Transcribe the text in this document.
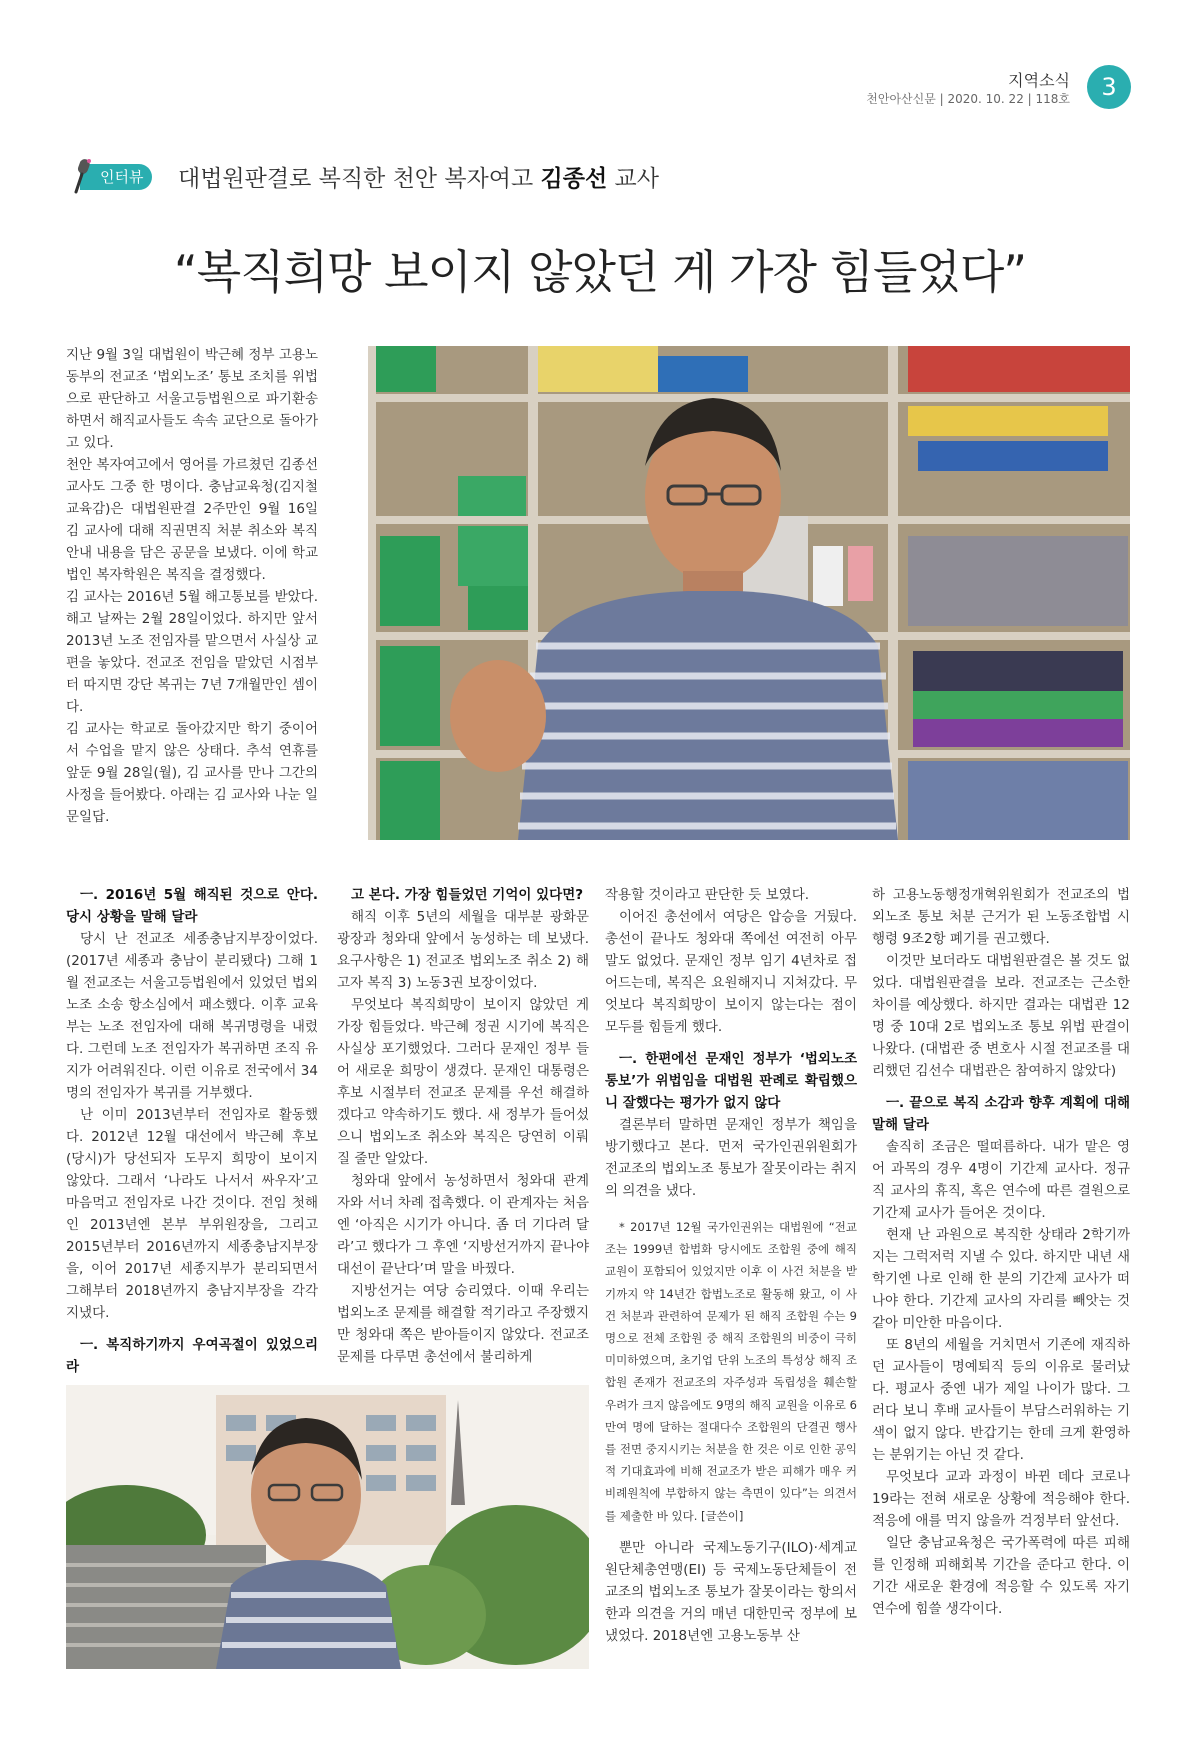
지역소식
천안아산신문 | 2020. 10. 22 | 118호	3
인터뷰	대법원판결로 복직한 천안 복자여고 김종선 교사
“복직희망 보이지 않았던 게 가장 힘들었다”

지난 9월 3일 대법원이 박근혜 정부 고용노동부의 전교조 ‘법외노조’ 통보 조치를 위법으로 판단하고 서울고등법원으로 파기환송 하면서 해직교사들도 속속 교단으로 돌아가고 있다.

천안 복자여고에서 영어를 가르쳤던 김종선 교사도 그중 한 명이다. 충남교육청(김지철 교육감)은 대법원판결 2주만인 9월 16일 김 교사에 대해 직권면직 처분 취소와 복직 안내 내용을 담은 공문을 보냈다. 이에 학교법인 복자학원은 복직을 결정했다.

김 교사는 2016년 5월 해고통보를 받았다. 해고 날짜는 2월 28일이었다. 하지만 앞서 2013년 노조 전임자를 맡으면서 사실상 교편을 놓았다. 전교조 전임을 맡았던 시점부터 따지면 강단 복귀는 7년 7개월만인 셈이다.

김 교사는 학교로 돌아갔지만 학기 중이어서 수업을 맡지 않은 상태다. 추석 연휴를 앞둔 9월 28일(월), 김 교사를 만나 그간의 사정을 들어봤다. 아래는 김 교사와 나눈 일문일답.

ㅡ. 2016년 5월 해직된 것으로 안다. 당시 상황을 말해 달라

당시 난 전교조 세종충남지부장이었다. (2017년 세종과 충남이 분리됐다) 그해 1월 전교조는 서울고등법원에서 있었던 법외노조 소송 항소심에서 패소했다. 이후 교육부는 노조 전임자에 대해 복귀명령을 내렸다. 그런데 노조 전임자가 복귀하면 조직 유지가 어려워진다. 이런 이유로 전국에서 34명의 전임자가 복귀를 거부했다.

난 이미 2013년부터 전임자로 활동했다. 2012년 12월 대선에서 박근혜 후보(당시)가 당선되자 도무지 희망이 보이지 않았다. 그래서 ‘나라도 나서서 싸우자’고 마음먹고 전임자로 나간 것이다. 전임 첫해인 2013년엔 본부 부위원장을, 그리고 2015년부터 2016년까지 세종충남지부장을, 이어 2017년 세종지부가 분리되면서 그해부터 2018년까지 충남지부장을 각각 지냈다.

ㅡ. 복직하기까지 우여곡절이 있었으리라

고 본다. 가장 힘들었던 기억이 있다면?

해직 이후 5년의 세월을 대부분 광화문 광장과 청와대 앞에서 농성하는 데 보냈다. 요구사항은 1) 전교조 법외노조 취소 2) 해고자 복직 3) 노동3권 보장이었다.

무엇보다 복직희망이 보이지 않았던 게 가장 힘들었다. 박근혜 정권 시기에 복직은 사실상 포기했었다. 그러다 문재인 정부 들어 새로운 희망이 생겼다. 문재인 대통령은 후보 시절부터 전교조 문제를 우선 해결하겠다고 약속하기도 했다. 새 정부가 들어섰으니 법외노조 취소와 복직은 당연히 이뤄질 줄만 알았다.

청와대 앞에서 농성하면서 청와대 관계자와 서너 차례 접촉했다. 이 관계자는 처음엔 ‘아직은 시기가 아니다. 좀 더 기다려 달라’고 했다가 그 후엔 ‘지방선거까지 끝나야 대선이 끝난다’며 말을 바꿨다.

지방선거는 여당 승리였다. 이때 우리는 법외노조 문제를 해결할 적기라고 주장했지만 청와대 쪽은 받아들이지 않았다. 전교조 문제를 다루면 총선에서 불리하게

작용할 것이라고 판단한 듯 보였다.

이어진 총선에서 여당은 압승을 거뒀다. 총선이 끝나도 청와대 쪽에선 여전히 아무 말도 없었다. 문재인 정부 임기 4년차로 접어드는데, 복직은 요원해지니 지쳐갔다. 무엇보다 복직희망이 보이지 않는다는 점이 모두를 힘들게 했다.

ㅡ. 한편에선 문재인 정부가 ‘법외노조 통보’가 위법임을 대법원 판례로 확립했으니 잘했다는 평가가 없지 않다

결론부터 말하면 문재인 정부가 책임을 방기했다고 본다. 먼저 국가인권위원회가 전교조의 법외노조 통보가 잘못이라는 취지의 의견을 냈다.

* 2017년 12월 국가인권위는 대법원에 “전교조는 1999년 합법화 당시에도 조합원 중에 해직 교원이 포함되어 있었지만 이후 이 사건 처분을 받기까지 약 14년간 합법노조로 활동해 왔고, 이 사건 처분과 관련하여 문제가 된 해직 조합원 수는 9명으로 전체 조합원 중 해직 조합원의 비중이 극히 미미하였으며, 초기업 단위 노조의 특성상 해직 조합원 존재가 전교조의 자주성과 독립성을 훼손할 우려가 크지 않음에도 9명의 해직 교원을 이유로 6만여 명에 달하는 절대다수 조합원의 단결권 행사를 전면 중지시키는 처분을 한 것은 이로 인한 공익적 기대효과에 비해 전교조가 받은 피해가 매우 커 비례원칙에 부합하지 않는 측면이 있다”는 의견서를 제출한 바 있다. [글쓴이]

뿐만 아니라 국제노동기구(ILO)·세계교원단체총연맹(EI) 등 국제노동단체들이 전교조의 법외노조 통보가 잘못이라는 항의서한과 의견을 거의 매년 대한민국 정부에 보냈었다. 2018년엔 고용노동부 산

하 고용노동행정개혁위원회가 전교조의 법외노조 통보 처분 근거가 된 노동조합법 시행령 9조2항 폐기를 권고했다.

이것만 보더라도 대법원판결은 볼 것도 없었다. 대법원판결을 보라. 전교조는 근소한 차이를 예상했다. 하지만 결과는 대법관 12명 중 10대 2로 법외노조 통보 위법 판결이 나왔다. (대법관 중 변호사 시절 전교조를 대리했던 김선수 대법관은 참여하지 않았다)

ㅡ. 끝으로 복직 소감과 향후 계획에 대해 말해 달라

솔직히 조금은 떨떠름하다. 내가 맡은 영어 과목의 경우 4명이 기간제 교사다. 정규직 교사의 휴직, 혹은 연수에 따른 결원으로 기간제 교사가 들어온 것이다.

현재 난 과원으로 복직한 상태라 2학기까지는 그럭저럭 지낼 수 있다. 하지만 내년 새 학기엔 나로 인해 한 분의 기간제 교사가 떠나야 한다. 기간제 교사의 자리를 빼앗는 것 같아 미안한 마음이다.

또 8년의 세월을 거치면서 기존에 재직하던 교사들이 명예퇴직 등의 이유로 물러났다. 평교사 중엔 내가 제일 나이가 많다. 그러다 보니 후배 교사들이 부담스러워하는 기색이 없지 않다. 반갑기는 한데 크게 환영하는 분위기는 아닌 것 같다.

무엇보다 교과 과정이 바뀐 데다 코로나19라는 전혀 새로운 상황에 적응해야 한다. 적응에 애를 먹지 않을까 걱정부터 앞선다.

일단 충남교육청은 국가폭력에 따른 피해를 인정해 피해회복 기간을 준다고 한다. 이 기간 새로운 환경에 적응할 수 있도록 자기 연수에 힘쓸 생각이다.
